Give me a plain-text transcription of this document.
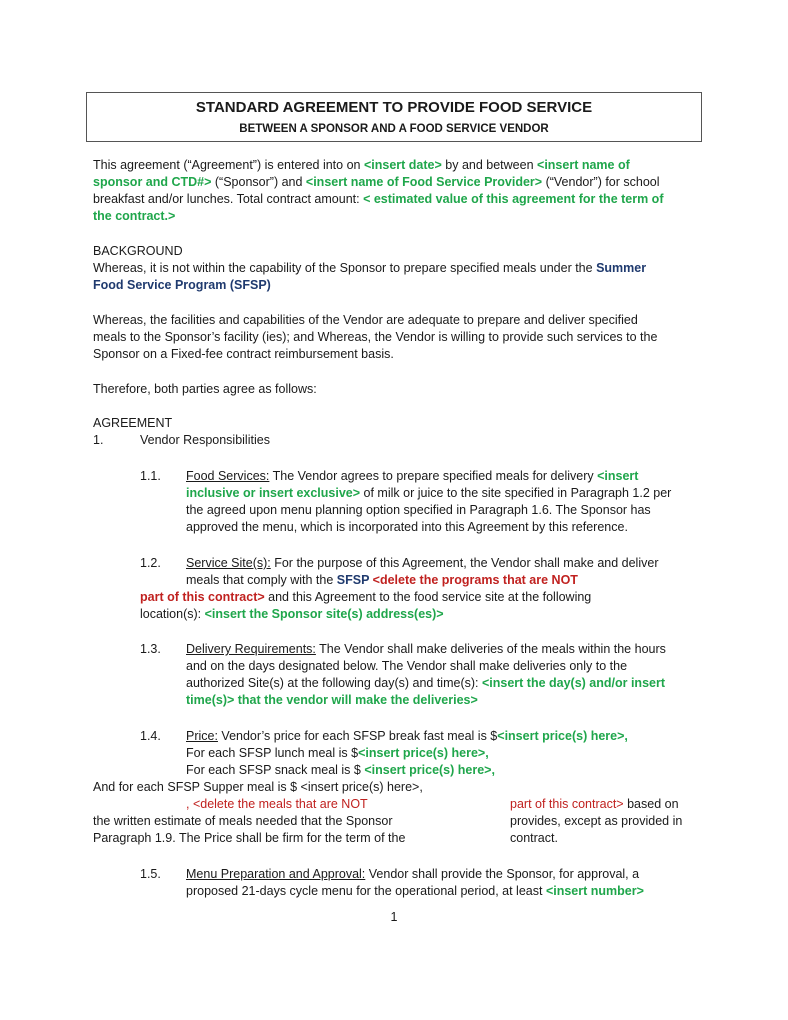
STANDARD AGREEMENT TO PROVIDE FOOD SERVICE
BETWEEN A SPONSOR AND A FOOD SERVICE VENDOR
This agreement (“Agreement”) is entered into on <insert date> by and between <insert name of
sponsor and CTD#> (“Sponsor”) and <insert name of Food Service Provider> (“Vendor”) for school
breakfast and/or lunches. Total contract amount: < estimated value of this agreement for the term of
the contract.>
BACKGROUND
Whereas, it is not within the capability of the Sponsor to prepare specified meals under the Summer
Food Service Program (SFSP)
Whereas, the facilities and capabilities of the Vendor are adequate to prepare and deliver specified
meals to the Sponsor’s facility (ies); and Whereas, the Vendor is willing to provide such services to the
Sponsor on a Fixed-fee contract reimbursement basis.
Therefore, both parties agree as follows:
AGREEMENT
1.	Vendor Responsibilities
1.1. Food Services: The Vendor agrees to prepare specified meals for delivery <insert
inclusive or insert exclusive> of milk or juice to the site specified in Paragraph 1.2 per
the agreed upon menu planning option specified in Paragraph 1.6. The Sponsor has
approved the menu, which is incorporated into this Agreement by this reference.
1.2. Service Site(s): For the purpose of this Agreement, the Vendor shall make and deliver
meals that comply with the SFSP <delete the programs that are NOT
part of this contract> and this Agreement to the food service site at the following
location(s): <insert the Sponsor site(s) address(es)>
1.3. Delivery Requirements: The Vendor shall make deliveries of the meals within the hours
and on the days designated below. The Vendor shall make deliveries only to the
authorized Site(s) at the following day(s) and time(s): <insert the day(s) and/or insert
time(s)> that the vendor will make the deliveries>
1.4. Price: Vendor’s price for each SFSP break fast meal is $<insert price(s) here>,
For each SFSP lunch meal is $<insert price(s) here>,
For each SFSP snack meal is $ <insert price(s) here>,
And for each SFSP Supper meal is $ <insert price(s) here>,
, <delete the meals that are NOT	part of this contract> based on
the written estimate of meals needed that the Sponsor	provides, except as provided in
Paragraph 1.9. The Price shall be firm for the term of the	contract.
1.5. Menu Preparation and Approval: Vendor shall provide the Sponsor, for approval, a
proposed 21-days cycle menu for the operational period, at least <insert number>
1
